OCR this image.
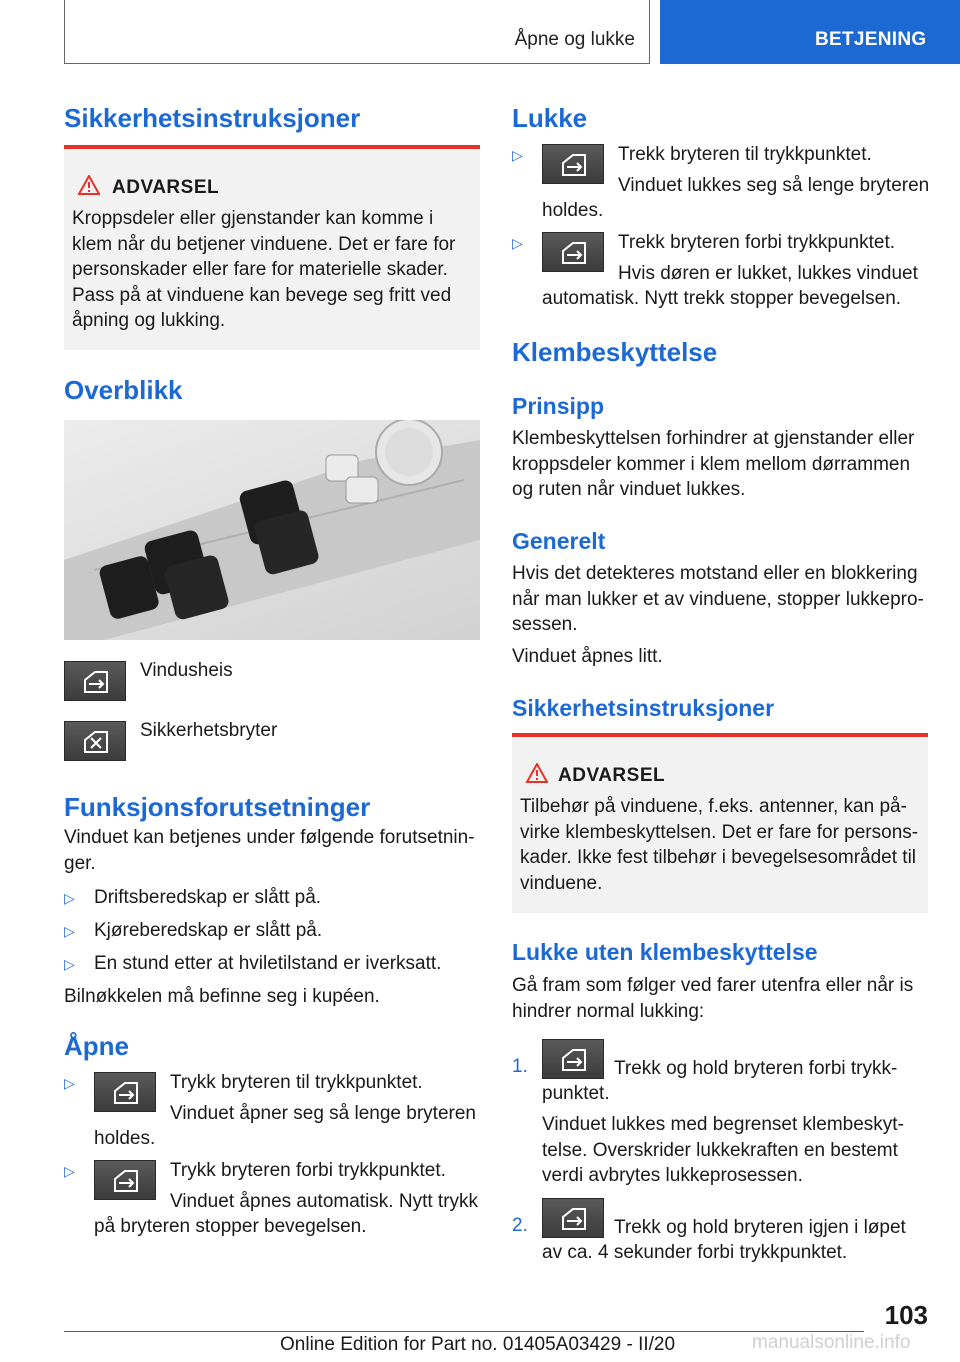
Åpne og lukke	BETJENING
Sikkerhetsinstruksjoner
ADVARSEL
Kroppsdeler eller gjenstander kan komme i
klem når du betjener vinduene. Det er fare for
personskader eller fare for materielle skader.
Pass på at vinduene kan bevege seg fritt ved
åpning og lukking.
Overblikk
Vindusheis
Sikkerhetsbryter
Funksjonsforutsetninger
Vinduet kan betjenes under følgende forutsetnin-
ger.
▷ Driftsberedskap er slått på.
▷ Kjøreberedskap er slått på.
▷ En stund etter at hviletilstand er iverksatt.
Bilnøkkelen må befinne seg i kupéen.
Åpne
▷	Trykk bryteren til trykkpunktet.
Vinduet åpner seg så lenge bryteren
holdes.
▷	Trykk bryteren forbi trykkpunktet.
Vinduet åpnes automatisk. Nytt trykk
på bryteren stopper bevegelsen.
Lukke
▷	Trekk bryteren til trykkpunktet.
Vinduet lukkes seg så lenge bryteren
holdes.
▷	Trekk bryteren forbi trykkpunktet.
Hvis døren er lukket, lukkes vinduet
automatisk. Nytt trekk stopper bevegelsen.
Klembeskyttelse
Prinsipp
Klembeskyttelsen forhindrer at gjenstander eller
kroppsdeler kommer i klem mellom dørrammen
og ruten når vinduet lukkes.
Generelt
Hvis det detekteres motstand eller en blokkering
når man lukker et av vinduene, stopper lukkepro-
sessen.
Vinduet åpnes litt.
Sikkerhetsinstruksjoner
ADVARSEL
Tilbehør på vinduene, f.eks. antenner, kan på-
virke klembeskyttelsen. Det er fare for persons-
kader. Ikke fest tilbehør i bevegelsesområdet til
vinduene.
Lukke uten klembeskyttelse
Gå fram som følger ved farer utenfra eller når is
hindrer normal lukking:
1.	Trekk og hold bryteren forbi trykk-
punktet.
Vinduet lukkes med begrenset klembeskyt-
telse. Overskrider lukkekraften en bestemt
verdi avbrytes lukkeprosessen.
2.	Trekk og hold bryteren igjen i løpet
av ca. 4 sekunder forbi trykkpunktet.
103
Online Edition for Part no. 01405A03429 - II/20	manualsonline.info
